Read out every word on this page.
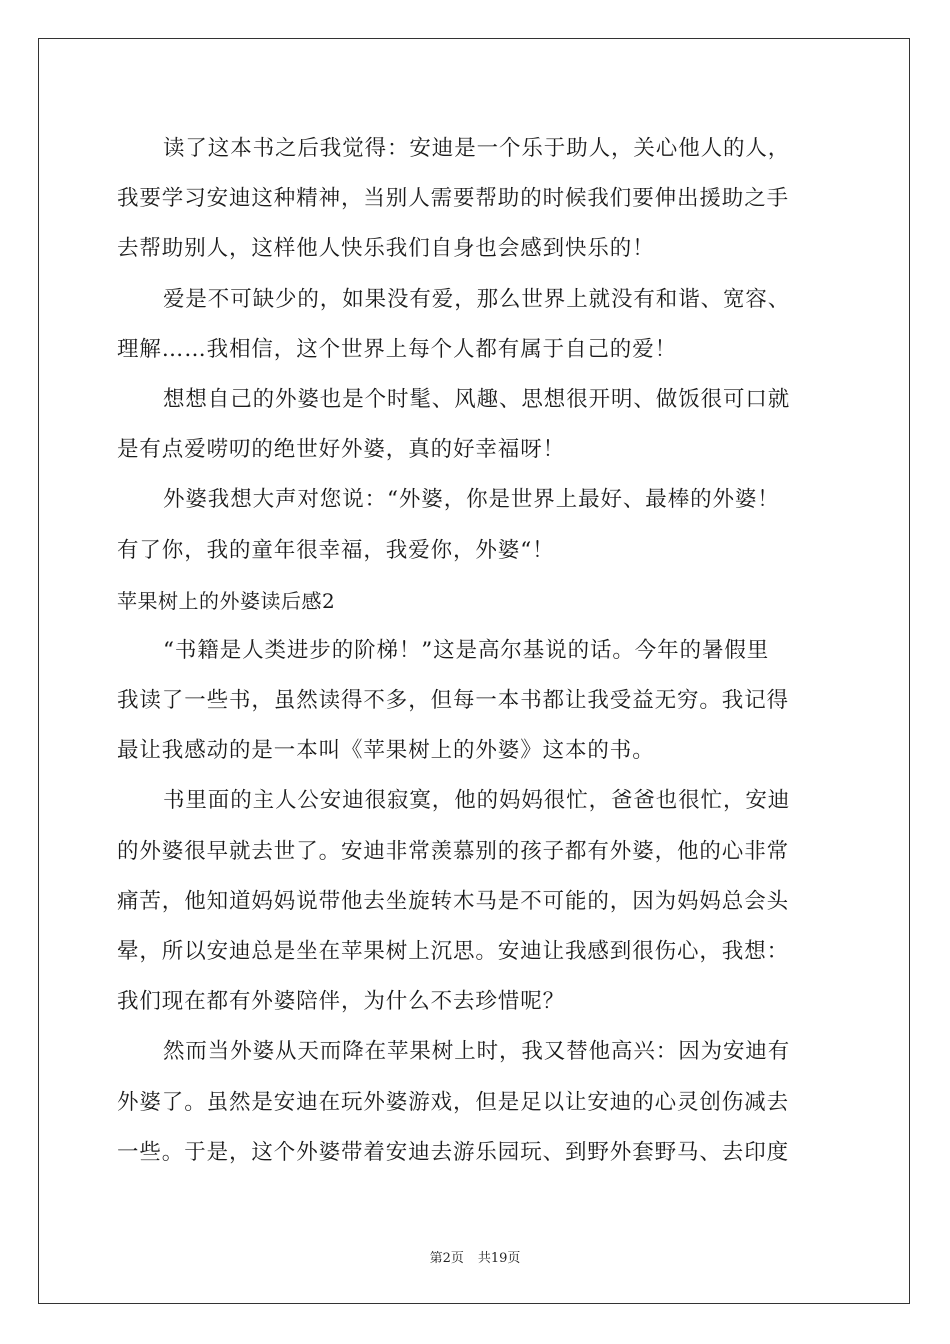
读了这本书之后我觉得：安迪是一个乐于助人，关心他人的人，
我要学习安迪这种精神，当别人需要帮助的时候我们要伸出援助之手
去帮助别人，这样他人快乐我们自身也会感到快乐的！
爱是不可缺少的，如果没有爱，那么世界上就没有和谐、宽容、
理解……我相信，这个世界上每个人都有属于自己的爱！
想想自己的外婆也是个时髦、风趣、思想很开明、做饭很可口就
是有点爱唠叨的绝世好外婆，真的好幸福呀！
外婆我想大声对您说：“外婆，你是世界上最好、最棒的外婆！
有了你，我的童年很幸福，我爱你，外婆“！
苹果树上的外婆读后感2
“书籍是人类进步的阶梯！”这是高尔基说的话。今年的暑假里
我读了一些书，虽然读得不多，但每一本书都让我受益无穷。我记得
最让我感动的是一本叫《苹果树上的外婆》这本的书。
书里面的主人公安迪很寂寞，他的妈妈很忙，爸爸也很忙，安迪
的外婆很早就去世了。安迪非常羡慕别的孩子都有外婆，他的心非常
痛苦，他知道妈妈说带他去坐旋转木马是不可能的，因为妈妈总会头
晕，所以安迪总是坐在苹果树上沉思。安迪让我感到很伤心，我想：
我们现在都有外婆陪伴，为什么不去珍惜呢？
然而当外婆从天而降在苹果树上时，我又替他高兴：因为安迪有
外婆了。虽然是安迪在玩外婆游戏，但是足以让安迪的心灵创伤减去
一些。于是，这个外婆带着安迪去游乐园玩、到野外套野马、去印度
第2页 共19页
